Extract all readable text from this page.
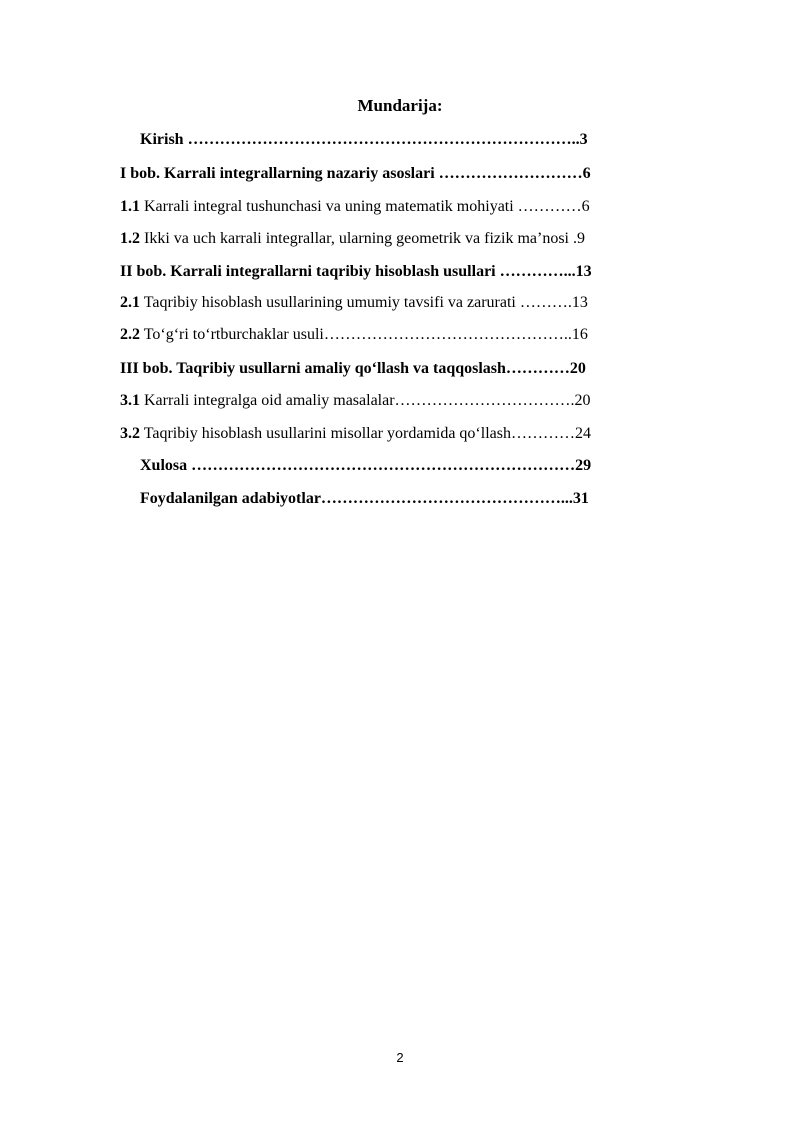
Mundarija:
Kirish ………………………………………………………………..3
I bob. Karrali integrallarning nazariy asoslari ………………………6
1.1 Karrali integral tushunchasi va uning matematik mohiyati …………6
1.2 Ikki va uch karrali integrallar, ularning geometrik va fizik ma’nosi .9
II bob. Karrali integrallarni taqribiy hisoblash usullari …………...13
2.1 Taqribiy hisoblash usullarining umumiy tavsifi va zarurati ……….13
2.2 To‘g‘ri to‘rtburchaklar usuli………………………………………..16
III bob. Taqribiy usullarni amaliy qo‘llash va taqqoslash…………20
3.1 Karrali integralga oid amaliy masalalar…………………………….20
3.2 Taqribiy hisoblash usullarini misollar yordamida qo‘llash…………24
Xulosa ………………………………………………………………29
Foydalanilgan adabiyotlar………………………………………...31
2
